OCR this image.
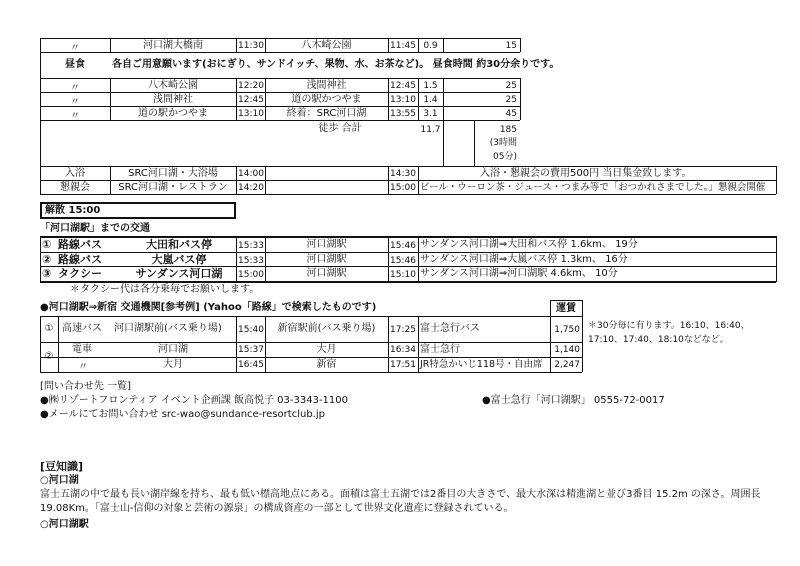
〃	河口湖大橋南	11:30	八木崎公園	11:45 0.9	15
昼食	各自ご用意願います(おにぎり、サンドイッチ、果物、水、お茶など)。 昼食時間 約30分余りです。
〃	八木崎公園	12:20	浅間神社	12:45 1.5	25
〃	浅間神社	12:45	道の駅かつやま	13:10 1.4	25
〃	道の駅かつやま	13:10	終着：SRC河口湖	13:55 3.1	45
徒歩 合計	11.7	185
(3時間
05分)
入浴	SRC河口湖・大浴場	14:00	14:30	入浴・懇親会の費用500円 当日集金致します。
懇親会	SRC河口湖・レストラン	14:20	15:00 ビール・ウーロン茶・ジュース・つまみ等で「おつかれさまでした。」懇親会開催
解散 15:00
「河口湖駅」までの交通
① 路線バス	大田和バス停	15:33	河口湖駅	15:46 サンダンス河口湖⇒大田和バス停 1.6km、 19分
② 路線バス	大嵐バス停	15:33	河口湖駅	15:46 サンダンス河口湖⇒大嵐バス停 1.3km、 16分
③ タクシー	サンダンス河口湖	15:00	河口湖駅	15:10 サンダンス河口湖⇒河口湖駅 4.6km、 10分
＊タクシー代は各分乗毎でお願いします。
●河口湖駅⇒新宿 交通機関[参考例] (Yahoo「路線」で検索したものです)	運賃
① 高速バス 河口湖駅前(バス乗り場) 15:40	新宿駅前(バス乗り場)	17:25 富士急行バス	1,750
②
電車	河口湖	15:37	大月	16:34 富士急行	1,140
〃	大月	16:45	新宿	17:51 JR特急かいじ118号・自由席	2,247
＊30分毎に有ります。16:10、16:40、
17:10、17:40、18:10などなど。
[問い合わせ先 一覧]
●㈱リゾートフロンティア イベント企画課 飯高悦子 03-3343-1100
●メールにてお問い合わせ src-wao@sundance-resortclub.jp
●富士急行「河口湖駅」 0555-72-0017
[豆知識]
○河口湖
富士五湖の中で最も長い湖岸線を持ち、最も低い標高地点にある。面積は富士五湖では2番目の大きさで、最大水深は精進湖と並び3番目 15.2m の深さ。周囲長19.08Km。「富士山-信仰の対象と芸術の源泉」の構成資産の一部として世界文化遺産に登録されている。
○河口湖駅
